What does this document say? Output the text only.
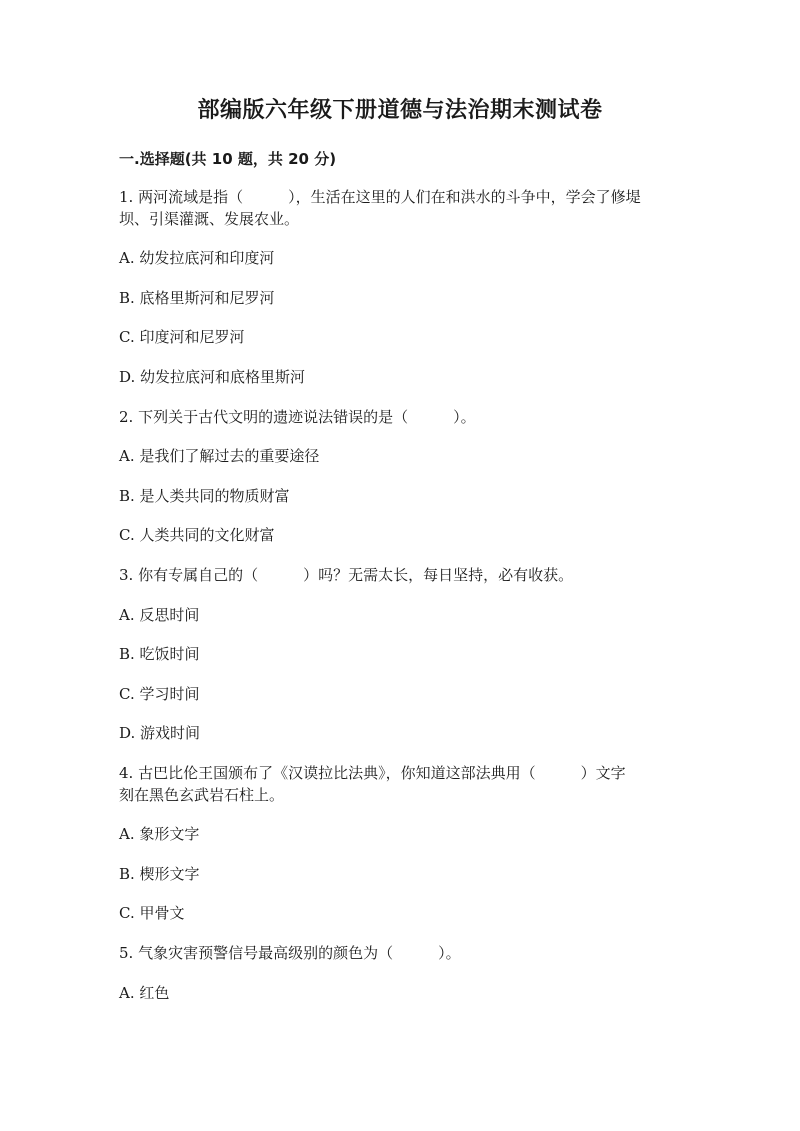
部编版六年级下册道德与法治期末测试卷
一.选择题(共 10 题，共 20 分)
1. 两河流域是指（　　　），生活在这里的人们在和洪水的斗争中，学会了修堤
坝、引渠灌溉、发展农业。
A. 幼发拉底河和印度河
B. 底格里斯河和尼罗河
C. 印度河和尼罗河
D. 幼发拉底河和底格里斯河
2. 下列关于古代文明的遗迹说法错误的是（　　　）。
A. 是我们了解过去的重要途径
B. 是人类共同的物质财富
C. 人类共同的文化财富
3. 你有专属自己的（　　　）吗？无需太长，每日坚持，必有收获。
A. 反思时间
B. 吃饭时间
C. 学习时间
D. 游戏时间
4. 古巴比伦王国颁布了《汉谟拉比法典》，你知道这部法典用（　　　）文字
刻在黑色玄武岩石柱上。
A. 象形文字
B. 楔形文字
C. 甲骨文
5. 气象灾害预警信号最高级别的颜色为（　　　）。
A. 红色
